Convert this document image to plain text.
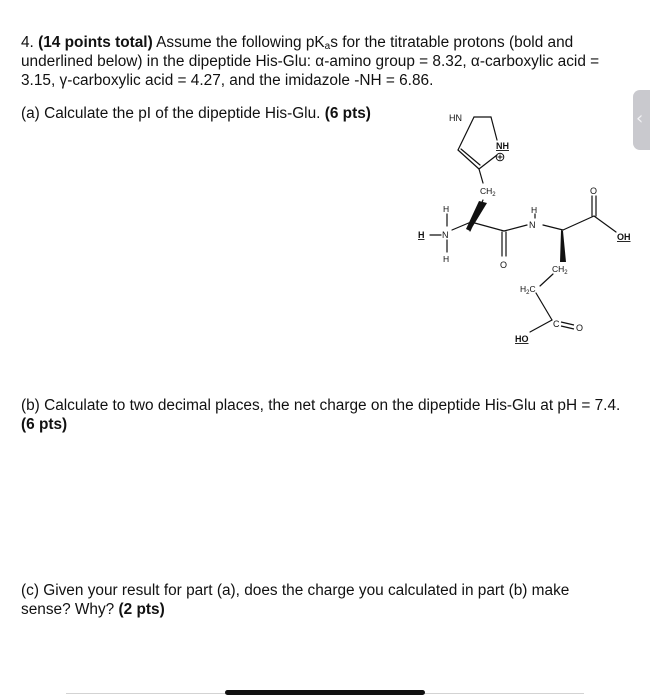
4. (14 points total) Assume the following $pK_as$ for the titratable protons (bold and underlined below) in the dipeptide His-Glu: α-amino group = 8.32, α-carboxylic acid = 3.15, γ-carboxylic acid = 4.27, and the imidazole -NH = 6.86.

(a) Calculate the pI of the dipeptide His-Glu. (6 pts)	HN
NH
$CH_2$
H N
H
H
H
N
O
O
OH
$CH_2$
$H_2C$
C O
HO

(b) Calculate to two decimal places, the net charge on the dipeptide His-Glu at pH = 7.4. (6 pts)

(c) Given your result for part (a), does the charge you calculated in part (b) make sense? Why? (2 pts)

‹
